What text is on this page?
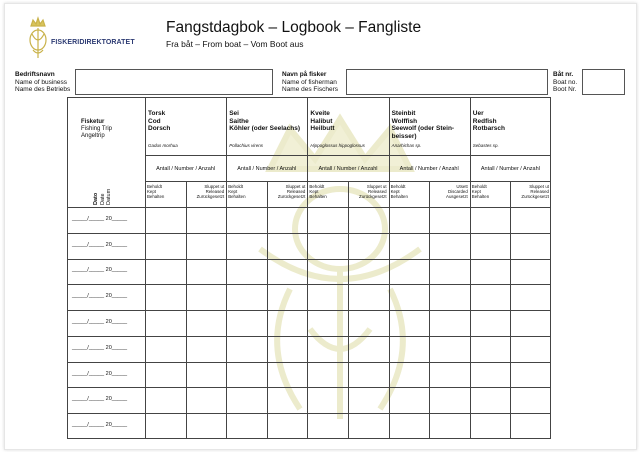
FISKERIDIREKTORATET
Fangstdagbok – Logbook – Fangliste
Fra båt – From boat – Vom Boot aus
Bedriftsnavn
Name of business
Name des Betriebs
Navn på fisker
Name of fisherman
Name des Fischers
Båt nr.
Boat no.
Boot Nr.
Fisketur
Fishing Trip
Angeltrip
Dato
Date
Datum
Torsk
Cod
Dorsch
Gadus morhua
Antall / Number / Anzahl
Beholdt
Kept
Behalten
Sluppet ut
Released
Zurückgesetzt
Sei
Saithe
Köhler (oder Seelachs)
Pollachius virens
Antall / Number / Anzahl
Beholdt
Kept
Behalten
Sluppet ut
Released
Zurückgesetzt
Kveite
Halibut
Heilbutt
Hippoglossus hippoglossus
Antall / Number / Anzahl
Beholdt
Kept
Behalten
Sluppet ut
Released
Zurückgesetzt
Steinbit
Wolffish
Seewolf (oder Stein-
beisser)
Anarhichas sp.
Antall / Number / Anzahl
Beholdt
Kept
Behalten
Utsett
Discarded
Ausgesetzt
Uer
Redfish
Rotbarsch
Sebastes sp.
Antall / Number / Anzahl
Beholdt
Kept
Behalten
Sluppet ut
Released
Zurückgesetzt
_____/_____ 20_____
_____/_____ 20_____
_____/_____ 20_____
_____/_____ 20_____
_____/_____ 20_____
_____/_____ 20_____
_____/_____ 20_____
_____/_____ 20_____
_____/_____ 20_____
